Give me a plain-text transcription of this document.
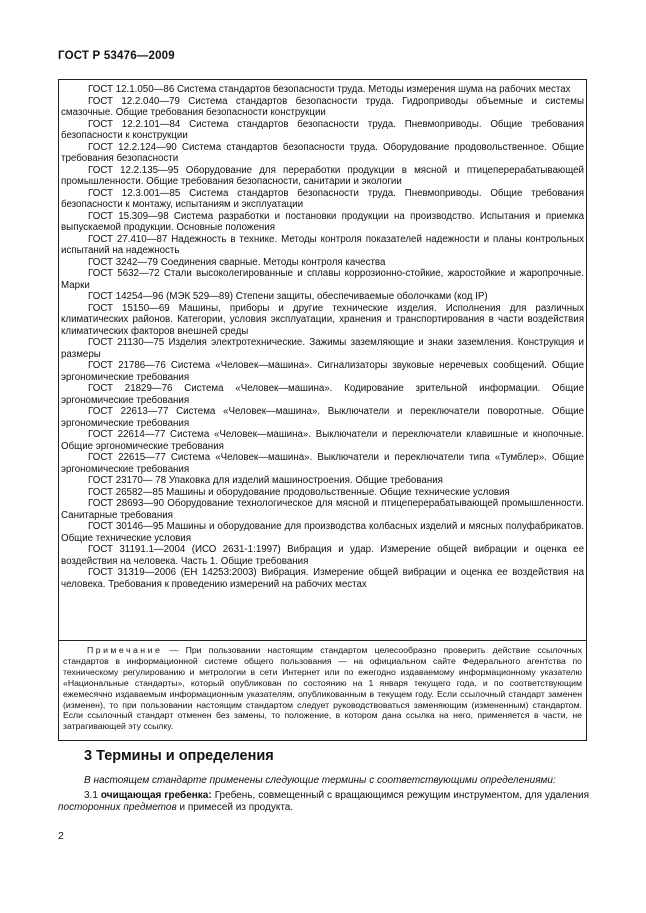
ГОСТ Р 53476—2009

ГОСТ 12.1.050—86 Система стандартов безопасности труда. Методы измерения шума на рабочих местах

ГОСТ 12.2.040—79 Система стандартов безопасности труда. Гидроприводы объемные и системы смазочные. Общие требования безопасности конструкции

ГОСТ 12.2.101—84 Система стандартов безопасности труда. Пневмоприводы. Общие требования безопасности к конструкции

ГОСТ 12.2.124—90 Система стандартов безопасности труда. Оборудование продовольственное. Общие требования безопасности

ГОСТ 12.2.135—95 Оборудование для переработки продукции в мясной и птицеперерабатывающей промышленности. Общие требования безопасности, санитарии и экологии

ГОСТ 12.3.001—85 Система стандартов безопасности труда. Пневмоприводы. Общие требования безопасности к монтажу, испытаниям и эксплуатации

ГОСТ 15.309—98 Система разработки и постановки продукции на производство. Испытания и приемка выпускаемой продукции. Основные положения

ГОСТ 27.410—87 Надежность в технике. Методы контроля показателей надежности и планы контрольных испытаний на надежность

ГОСТ 3242—79 Соединения сварные. Методы контроля качества

ГОСТ 5632—72 Стали высоколегированные и сплавы коррозионно-стойкие, жаростойкие и жаропрочные. Марки

ГОСТ 14254—96 (МЭК 529—89) Степени защиты, обеспечиваемые оболочками (код IP)

ГОСТ 15150—69 Машины, приборы и другие технические изделия. Исполнения для различных климатических районов. Категории, условия эксплуатации, хранения и транспортирования в части воздействия климатических факторов внешней среды

ГОСТ 21130—75 Изделия электротехнические. Зажимы заземляющие и знаки заземления. Конструкция и размеры

ГОСТ 21786—76 Система «Человек—машина». Сигнализаторы звуковые неречевых сообщений. Общие эргономические требования

ГОСТ 21829—76 Система «Человек—машина». Кодирование зрительной информации. Общие эргономические требования

ГОСТ 22613—77 Система «Человек—машина». Выключатели и переключатели поворотные. Общие эргономические требования

ГОСТ 22614—77 Система «Человек—машина». Выключатели и переключатели клавишные и кнопочные. Общие эргономические требования

ГОСТ 22615—77 Система «Человек—машина». Выключатели и переключатели типа «Тумблер». Общие эргономические требования

ГОСТ 23170— 78 Упаковка для изделий машиностроения. Общие требования

ГОСТ 26582—85 Машины и оборудование продовольственные. Общие технические условия

ГОСТ 28693—90 Оборудование технологическое для мясной и птицеперерабатывающей промышленности. Санитарные требования

ГОСТ 30146—95 Машины и оборудование для производства колбасных изделий и мясных полуфабрикатов. Общие технические условия

ГОСТ 31191.1—2004 (ИСО 2631-1:1997) Вибрация и удар. Измерение общей вибрации и оценка ее воздействия на человека. Часть 1. Общие требования

ГОСТ 31319—2006 (ЕН 14253:2003) Вибрация. Измерение общей вибрации и оценка ее воздействия на человека. Требования к проведению измерений на рабочих местах

Примечание — При пользовании настоящим стандартом целесообразно проверить действие ссылочных стандартов в информационной системе общего пользования — на официальном сайте Федерального агентства по техническому регулированию и метрологии в сети Интернет или по ежегодно издаваемому информационному указателю «Национальные стандарты», который опубликован по состоянию на 1 января текущего года, и по соответствующим ежемесячно издаваемым информационным указателям, опубликованным в текущем году. Если ссылочный стандарт заменен (изменен), то при пользовании настоящим стандартом следует руководствоваться заменяющим (измененным) стандартом. Если ссылочный стандарт отменен без замены, то положение, в котором дана ссылка на него, применяется в части, не затрагивающей эту ссылку.

3 Термины и определения

В настоящем стандарте применены следующие термины с соответствующими определениями:

3.1 очищающая гребенка: Гребень, совмещенный с вращающимся режущим инструментом, для удаления посторонних предметов и примесей из продукта.

2
